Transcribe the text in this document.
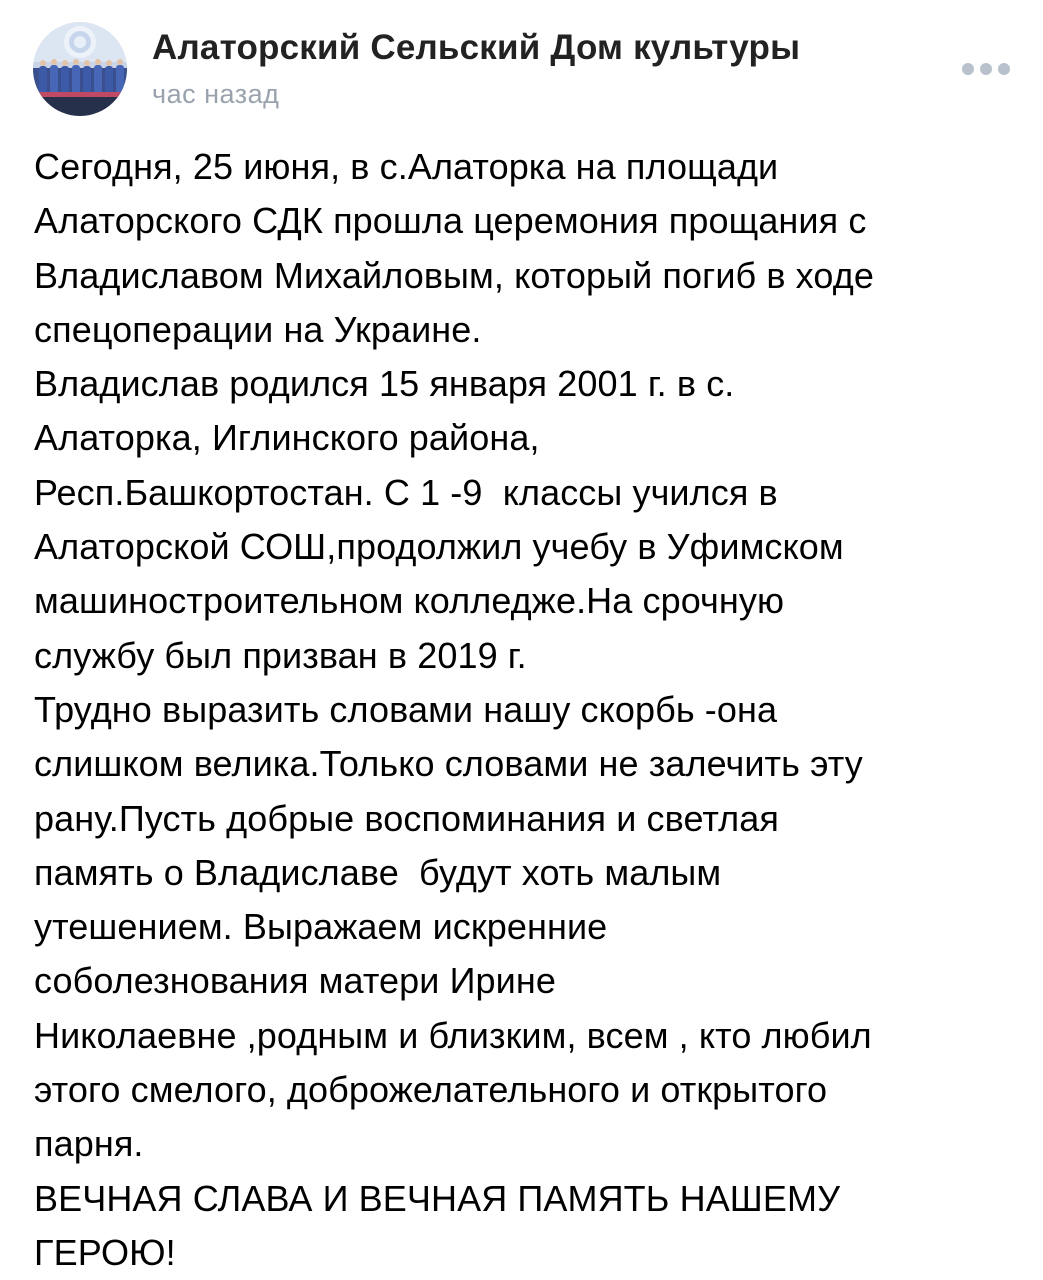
Алаторский Сельский Дом культуры
час назад
Сегодня, 25 июня, в с.Алаторка на площади
Алаторского СДК прошла церемония прощания с
Владиславом Михайловым, который погиб в ходе
спецоперации на Украине.
Владислав родился 15 января 2001 г. в с.
Алаторка, Иглинского района,
Респ.Башкортостан. С 1 -9  классы учился в
Алаторской СОШ,продолжил учебу в Уфимском
машиностроительном колледже.На срочную
службу был призван в 2019 г.
Трудно выразить словами нашу скорбь -она
слишком велика.Только словами не залечить эту
рану.Пусть добрые воспоминания и светлая
память о Владиславе  будут хоть малым
утешением. Выражаем искренние
соболезнования матери Ирине
Николаевне ,родным и близким, всем , кто любил
этого смелого, доброжелательного и открытого
парня.
ВЕЧНАЯ СЛАВА И ВЕЧНАЯ ПАМЯТЬ НАШЕМУ
ГЕРОЮ!
